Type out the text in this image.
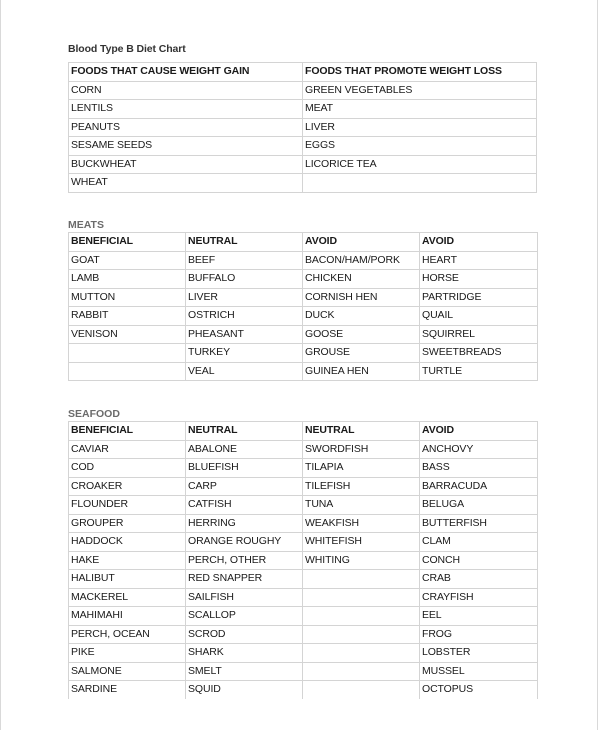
Blood Type B Diet Chart
FOODS THAT CAUSE WEIGHT GAIN	FOODS THAT PROMOTE WEIGHT LOSS
CORN	GREEN VEGETABLES
LENTILS	MEAT
PEANUTS	LIVER
SESAME SEEDS	EGGS
BUCKWHEAT	LICORICE TEA
WHEAT	
MEATS
BENEFICIAL	NEUTRAL	AVOID	AVOID
GOAT	BEEF	BACON/HAM/PORK	HEART
LAMB	BUFFALO	CHICKEN	HORSE
MUTTON	LIVER	CORNISH HEN	PARTRIDGE
RABBIT	OSTRICH	DUCK	QUAIL
VENISON	PHEASANT	GOOSE	SQUIRREL
	TURKEY	GROUSE	SWEETBREADS
	VEAL	GUINEA HEN	TURTLE
SEAFOOD
BENEFICIAL	NEUTRAL	NEUTRAL	AVOID
CAVIAR	ABALONE	SWORDFISH	ANCHOVY
COD	BLUEFISH	TILAPIA	BASS
CROAKER	CARP	TILEFISH	BARRACUDA
FLOUNDER	CATFISH	TUNA	BELUGA
GROUPER	HERRING	WEAKFISH	BUTTERFISH
HADDOCK	ORANGE ROUGHY	WHITEFISH	CLAM
HAKE	PERCH, OTHER	WHITING	CONCH
HALIBUT	RED SNAPPER		CRAB
MACKEREL	SAILFISH		CRAYFISH
MAHIMAHI	SCALLOP		EEL
PERCH, OCEAN	SCROD		FROG
PIKE	SHARK		LOBSTER
SALMONE	SMELT		MUSSEL
SARDINE	SQUID		OCTOPUS
